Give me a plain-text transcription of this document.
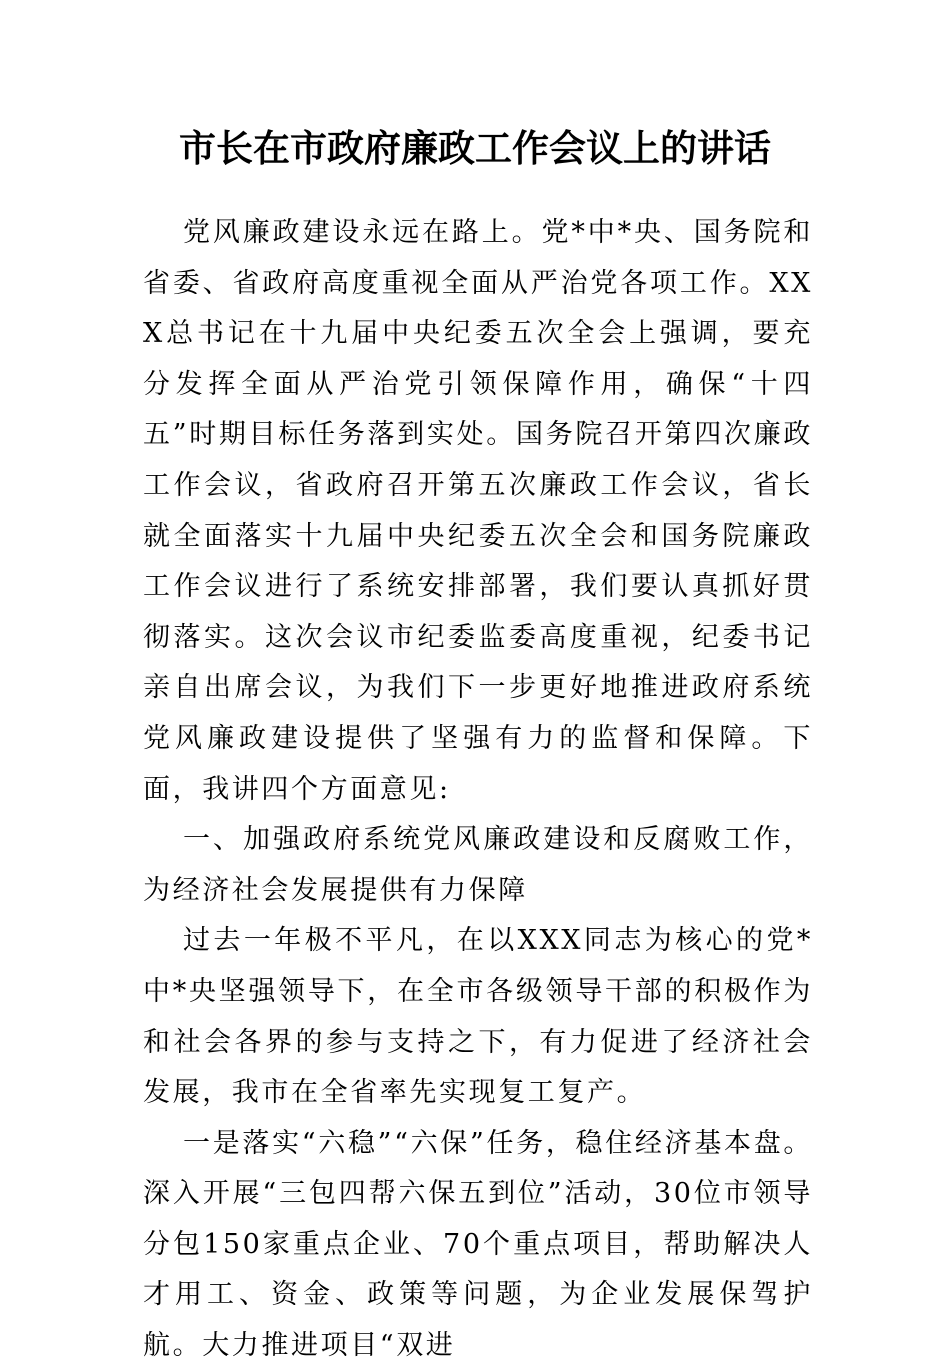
市长在市政府廉政工作会议上的讲话

党风廉政建设永远在路上。党*中*央、国务院和省委、省政府高度重视全面从严治党各项工作。XXX总书记在十九届中央纪委五次全会上强调，要充分发挥全面从严治党引领保障作用，确保“十四五”时期目标任务落到实处。国务院召开第四次廉政工作会议，省政府召开第五次廉政工作会议，省长就全面落实十九届中央纪委五次全会和国务院廉政工作会议进行了系统安排部署，我们要认真抓好贯彻落实。这次会议市纪委监委高度重视，纪委书记亲自出席会议，为我们下一步更好地推进政府系统党风廉政建设提供了坚强有力的监督和保障。下面，我讲四个方面意见:

一、加强政府系统党风廉政建设和反腐败工作，为经济社会发展提供有力保障

过去一年极不平凡，在以XXX同志为核心的党*中*央坚强领导下，在全市各级领导干部的积极作为和社会各界的参与支持之下，有力促进了经济社会发展，我市在全省率先实现复工复产。

一是落实“六稳”“六保”任务，稳住经济基本盘。深入开展“三包四帮六保五到位”活动，30位市领导分包150家重点企业、70个重点项目，帮助解决人才用工、资金、政策等问题，为企业发展保驾护航。大力推进项目“双进
